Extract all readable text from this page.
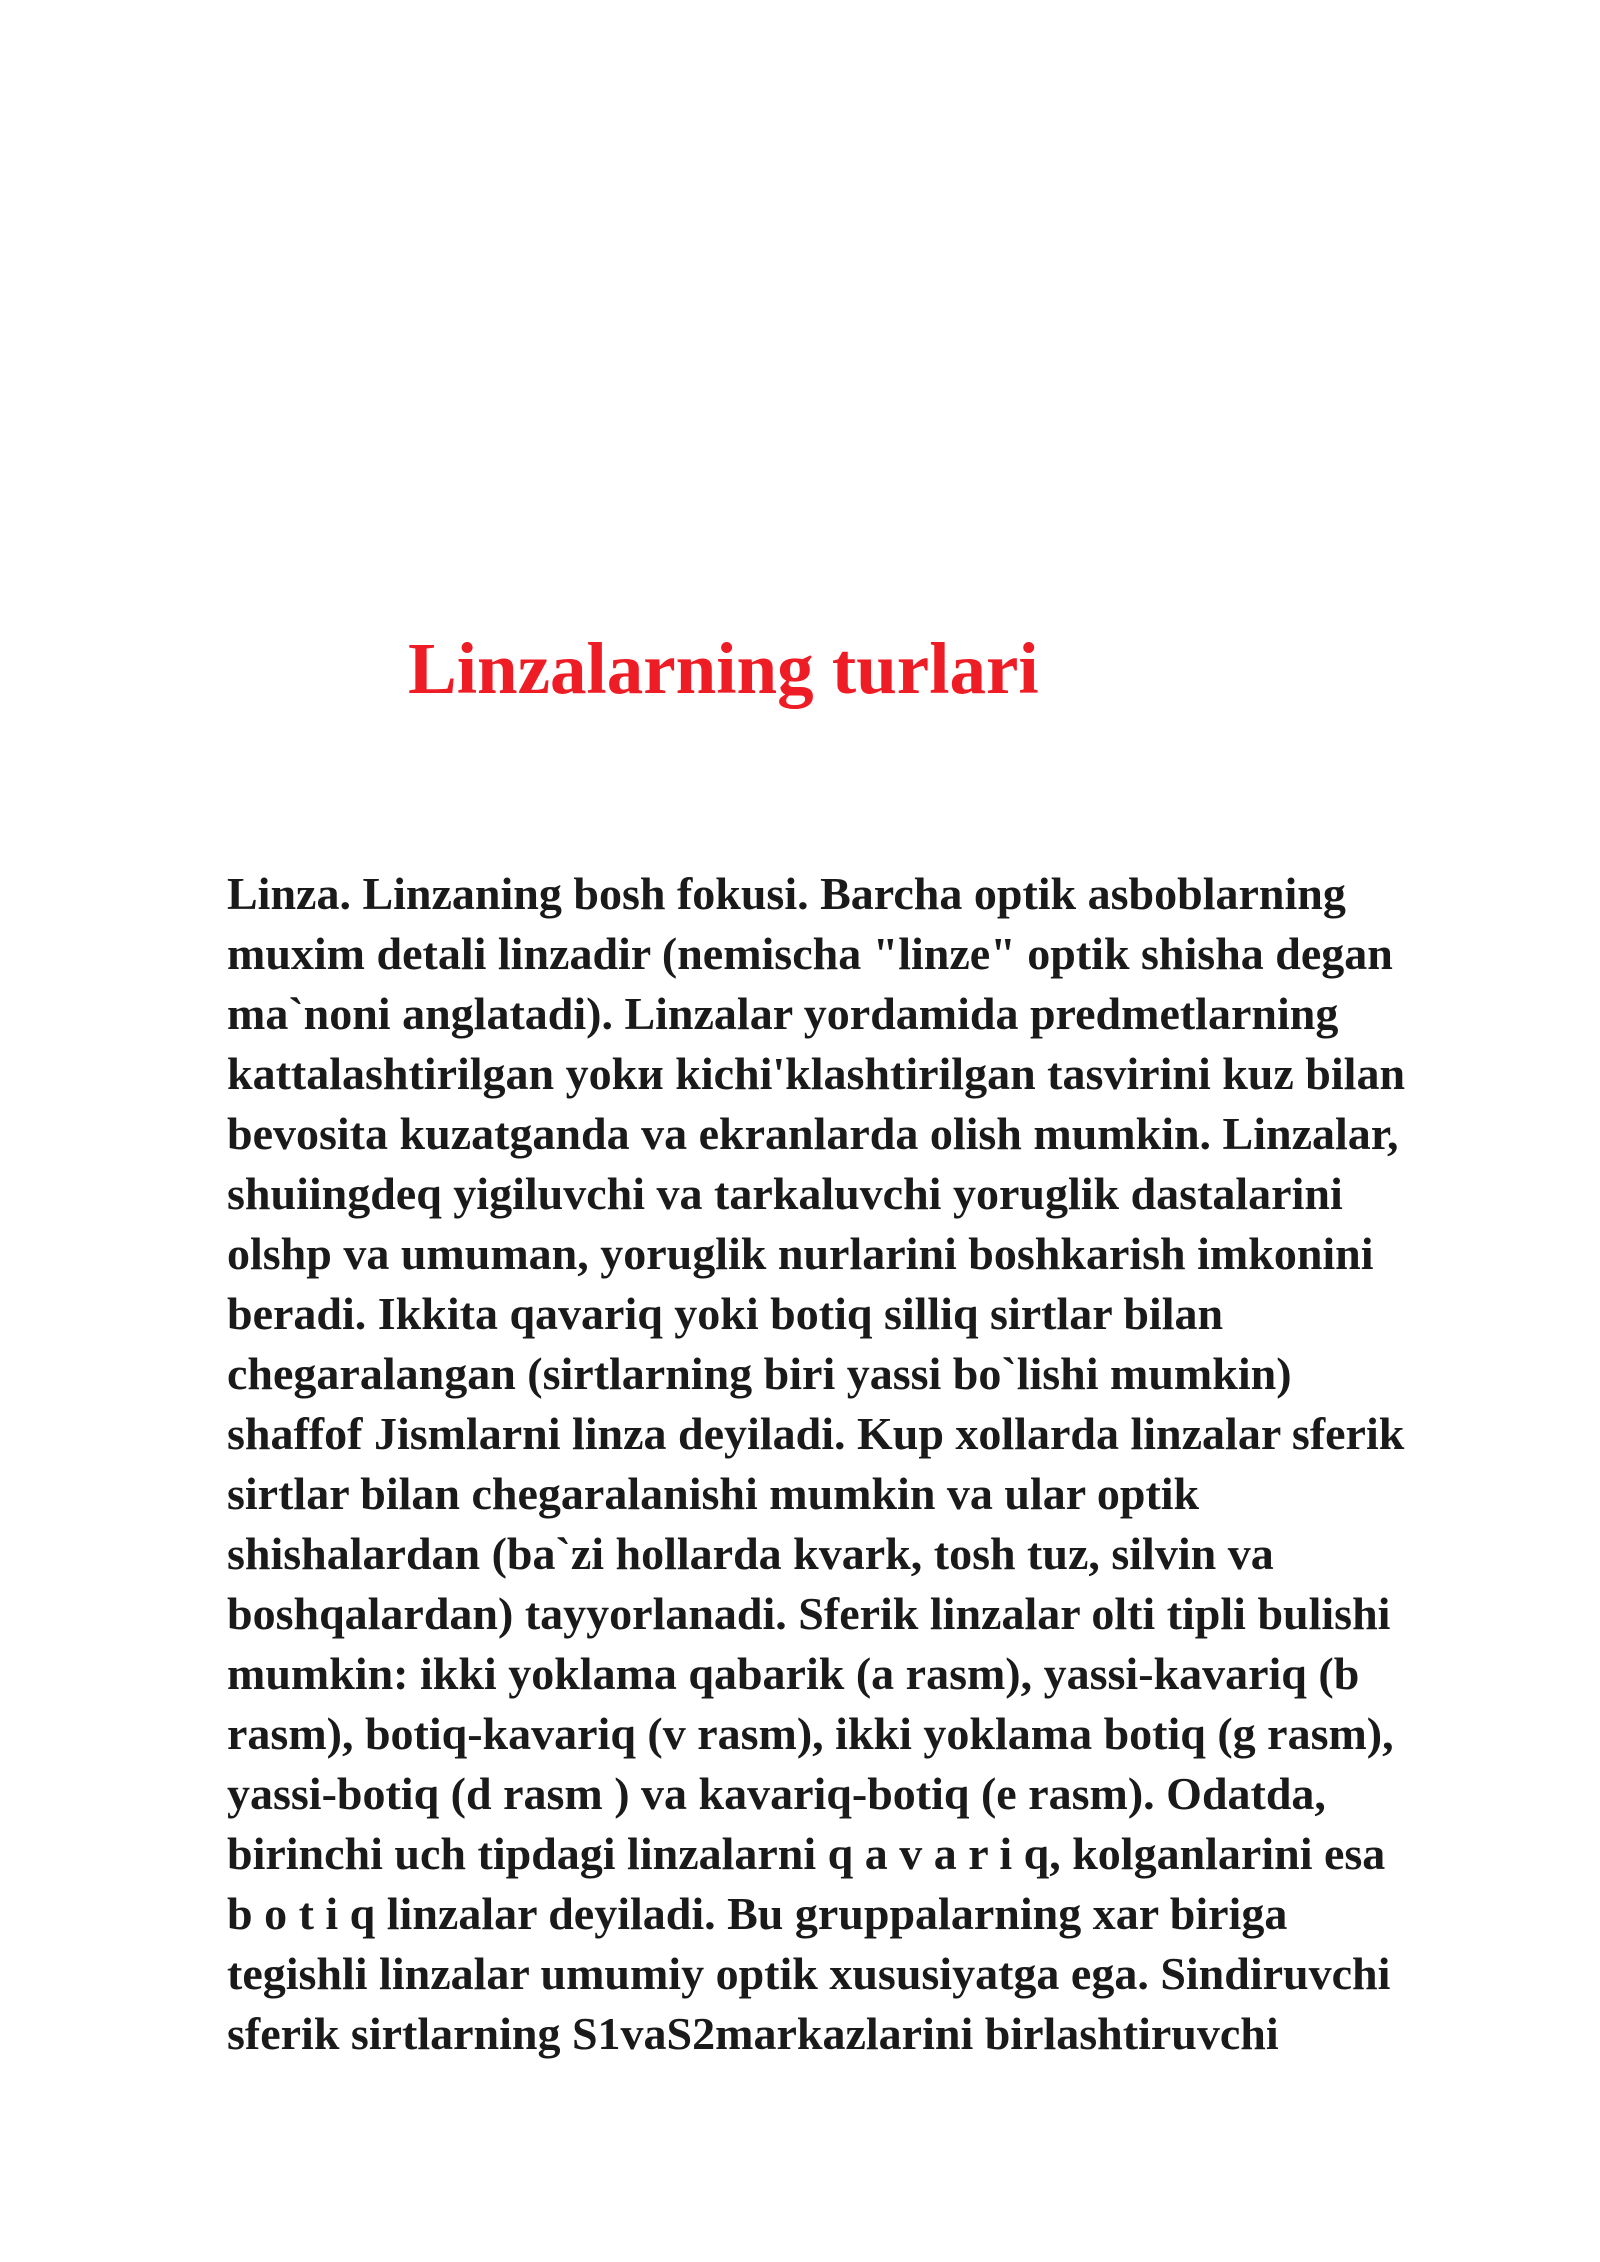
Linzalarning turlari
Linza. Linzaning bosh fokusi. Barcha optik asboblarning
muxim detali linzadir (nemischa "linze" optik shisha degan
ma`noni anglatadi). Linzalar yordamida predmetlarning
kattalashtirilgan yokи kichi'klashtirilgan tasvirini kuz bilan
bevosita kuzatganda va ekranlarda olish mumkin. Linzalar,
shuiingdeq yigiluvchi va tarkaluvchi yoruglik dastalarini
olshp va umuman, yoruglik nurlarini boshkarish imkonini
beradi. Ikkita qavariq yoki botiq silliq sirtlar bilan
chegaralangan (sirtlarning biri yassi bo`lishi mumkin)
shaffof Jismlarni linza deyiladi. Kup xollarda linzalar sferik
sirtlar bilan chegaralanishi mumkin va ular optik
shishalardan (ba`zi hollarda kvark, tosh tuz, silvin va
boshqalardan) tayyorlanadi. Sferik linzalar olti tipli bulishi
mumkin: ikki yoklama qabarik (a rasm), yassi-kavariq (b
rasm), botiq-kavariq (v rasm), ikki yoklama botiq (g rasm),
yassi-botiq (d rasm ) va kavariq-botiq (e rasm). Odatda,
birinchi uch tipdagi linzalarni q a v a r i q, kolganlarini esa
b o t i q linzalar deyiladi. Bu gruppalarning xar biriga
tegishli linzalar umumiy optik xususiyatga ega. Sindiruvchi
sferik sirtlarning S1vaS2markazlarini birlashtiruvchi
